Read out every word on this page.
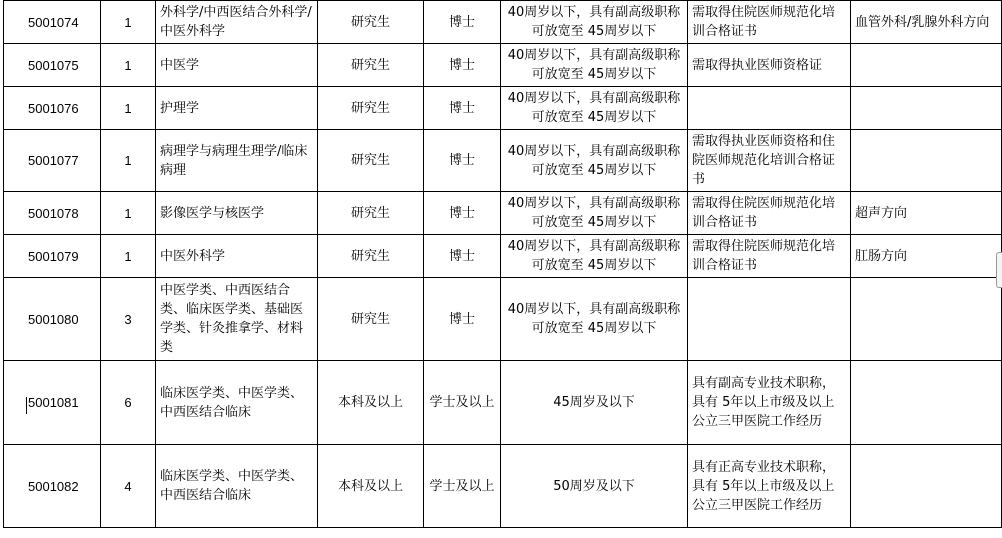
5001074	1	外科学/中西医结合外科学/中医外科学	研究生	博士	40周岁以下，具有副高级职称可放宽至 45周岁以下	需取得住院医师规范化培训合格证书	血管外科/乳腺外科方向
5001075	1	中医学	研究生	博士	40周岁以下，具有副高级职称可放宽至 45周岁以下	需取得执业医师资格证	
5001076	1	护理学	研究生	博士	40周岁以下，具有副高级职称可放宽至 45周岁以下		
5001077	1	病理学与病理生理学/临床病理	研究生	博士	40周岁以下，具有副高级职称可放宽至 45周岁以下	需取得执业医师资格和住院医师规范化培训合格证书	
5001078	1	影像医学与核医学	研究生	博士	40周岁以下，具有副高级职称可放宽至 45周岁以下	需取得住院医师规范化培训合格证书	超声方向
5001079	1	中医外科学	研究生	博士	40周岁以下，具有副高级职称可放宽至 45周岁以下	需取得住院医师规范化培训合格证书	肛肠方向
5001080	3	中医学类、中西医结合类、临床医学类、基础医学类、针灸推拿学、材料类	研究生	博士	40周岁以下，具有副高级职称可放宽至 45周岁以下		
5001081	6	临床医学类、中医学类、中西医结合临床	本科及以上	学士及以上	45周岁及以下	具有副高专业技术职称，具有 5年以上市级及以上公立三甲医院工作经历	
5001082	4	临床医学类、中医学类、中西医结合临床	本科及以上	学士及以上	50周岁及以下	具有正高专业技术职称，具有 5年以上市级及以上公立三甲医院工作经历	
